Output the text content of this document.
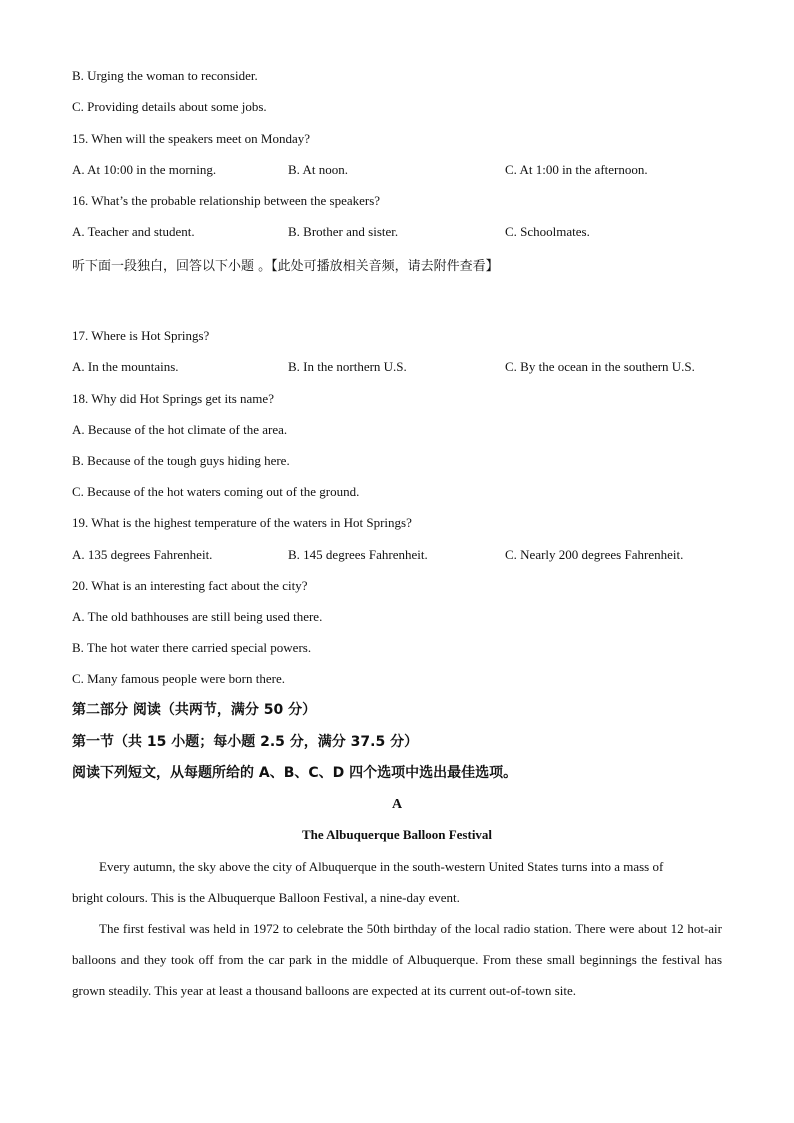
B. Urging the woman to reconsider.
C. Providing details about some jobs.
15. When will the speakers meet on Monday?
A. At 10:00 in the morning.	B. At noon.	C. At 1:00 in the afternoon.
16. What’s the probable relationship between the speakers?
A. Teacher and student.	B. Brother and sister.	C. Schoolmates.
听下面一段独白，回答以下小题 。【此处可播放相关音频，请去附件查看】
17. Where is Hot Springs?
A. In the mountains.	B. In the northern U.S.	C. By the ocean in the southern U.S.
18. Why did Hot Springs get its name?
A. Because of the hot climate of the area.
B. Because of the tough guys hiding here.
C. Because of the hot waters coming out of the ground.
19. What is the highest temperature of the waters in Hot Springs?
A. 135 degrees Fahrenheit.	B. 145 degrees Fahrenheit.	C. Nearly 200 degrees Fahrenheit.
20. What is an interesting fact about the city?
A. The old bathhouses are still being used there.
B. The hot water there carried special powers.
C. Many famous people were born there.
第二部分 阅读（共两节，满分 50 分）
第一节（共 15 小题；每小题 2.5 分，满分 37.5 分）
阅读下列短文，从每题所给的 A、B、C、D 四个选项中选出最佳选项。
A
The Albuquerque Balloon Festival
Every autumn, the sky above the city of Albuquerque in the south-western United States turns into a mass of
bright colours. This is the Albuquerque Balloon Festival, a nine-day event.
The first festival was held in 1972 to celebrate the 50th birthday of the local radio station. There were about 12 hot-air balloons and they took off from the car park in the middle of Albuquerque. From these small beginnings the festival has grown steadily. This year at least a thousand balloons are expected at its current out-of-town site.
